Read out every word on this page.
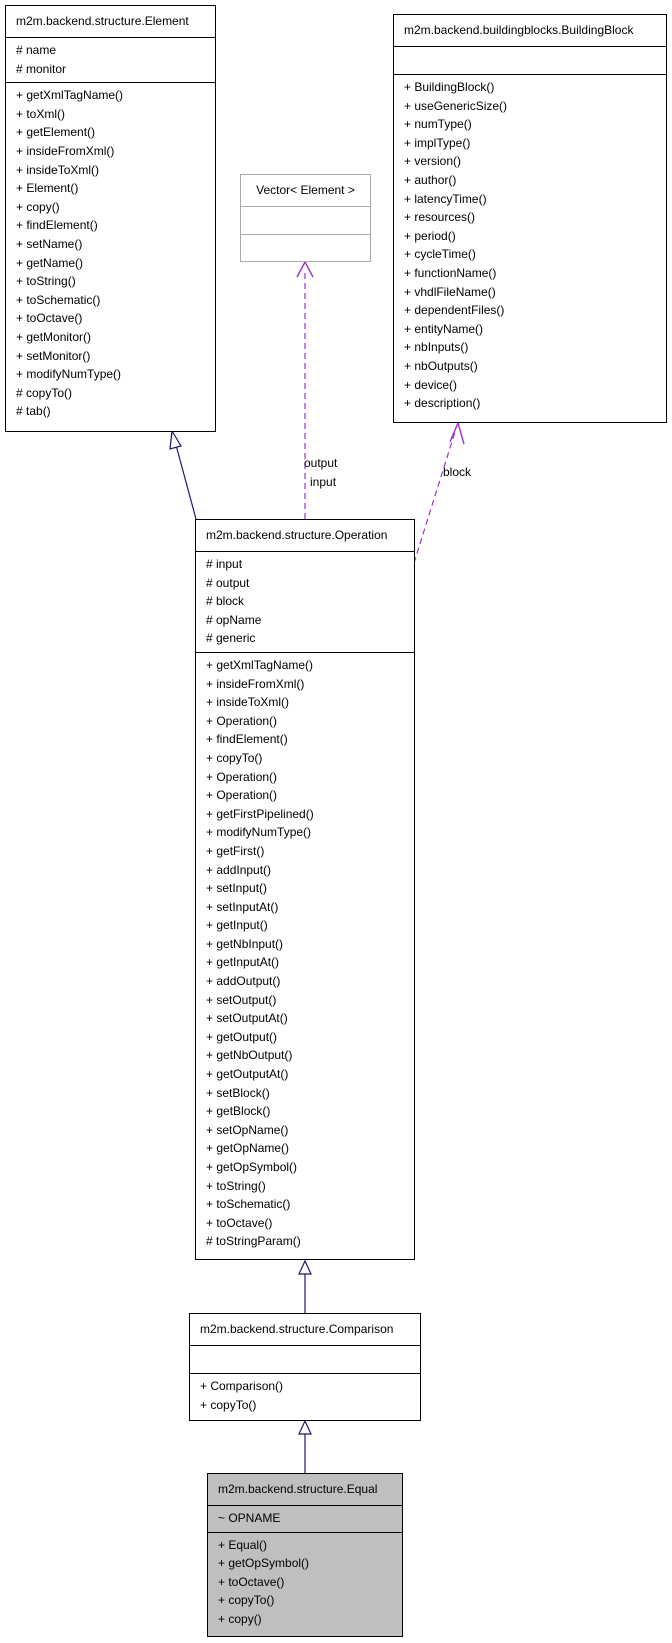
output
input
block
m2m.backend.structure.Element
# name
# monitor
+ getXmlTagName()
+ toXml()
+ getElement()
+ insideFromXml()
+ insideToXml()
+ Element()
+ copy()
+ findElement()
+ setName()
+ getName()
+ toString()
+ toSchematic()
+ toOctave()
+ getMonitor()
+ setMonitor()
+ modifyNumType()
# copyTo()
# tab()
Vector< Element >
m2m.backend.buildingblocks.BuildingBlock
+ BuildingBlock()
+ useGenericSize()
+ numType()
+ implType()
+ version()
+ author()
+ latencyTime()
+ resources()
+ period()
+ cycleTime()
+ functionName()
+ vhdlFileName()
+ dependentFiles()
+ entityName()
+ nbInputs()
+ nbOutputs()
+ device()
+ description()
m2m.backend.structure.Operation
# input
# output
# block
# opName
# generic
+ getXmlTagName()
+ insideFromXml()
+ insideToXml()
+ Operation()
+ findElement()
+ copyTo()
+ Operation()
+ Operation()
+ getFirstPipelined()
+ modifyNumType()
+ getFirst()
+ addInput()
+ setInput()
+ setInputAt()
+ getInput()
+ getNbInput()
+ getInputAt()
+ addOutput()
+ setOutput()
+ setOutputAt()
+ getOutput()
+ getNbOutput()
+ getOutputAt()
+ setBlock()
+ getBlock()
+ setOpName()
+ getOpName()
+ getOpSymbol()
+ toString()
+ toSchematic()
+ toOctave()
# toStringParam()
m2m.backend.structure.Comparison
+ Comparison()
+ copyTo()
m2m.backend.structure.Equal
~ OPNAME
+ Equal()
+ getOpSymbol()
+ toOctave()
+ copyTo()
+ copy()
